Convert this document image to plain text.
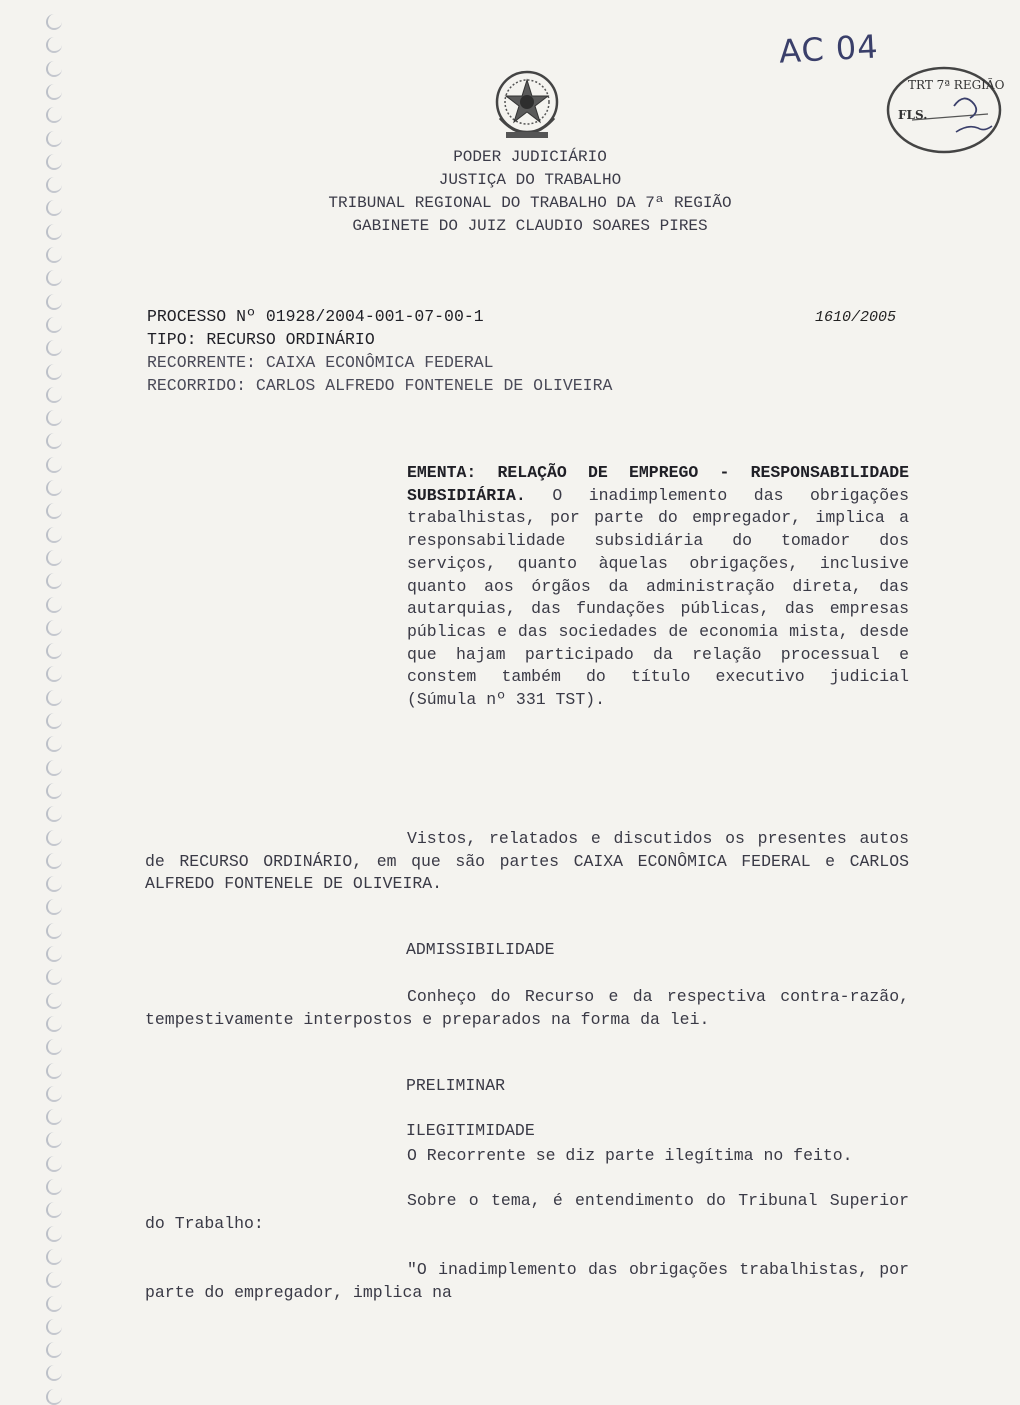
AC 04
TRT 7ª REGIÃO
FLS.
PODER JUDICIÁRIO
JUSTIÇA DO TRABALHO
TRIBUNAL REGIONAL DO TRABALHO DA 7ª REGIÃO
GABINETE DO JUIZ CLAUDIO SOARES PIRES
PROCESSO Nº 01928/2004-001-07-00-1
TIPO: RECURSO ORDINÁRIO
RECORRENTE: CAIXA ECONÔMICA FEDERAL
RECORRIDO: CARLOS ALFREDO FONTENELE DE OLIVEIRA
1610/2005
EMENTA: RELAÇÃO DE EMPREGO - RESPONSABILIDADE SUBSIDIÁRIA. O inadimplemento das obrigações trabalhistas, por parte do empregador, implica a responsabilidade subsidiária do tomador dos serviços, quanto àquelas obrigações, inclusive quanto aos órgãos da administração direta, das autarquias, das fundações públicas, das empresas públicas e das sociedades de economia mista, desde que hajam participado da relação processual e constem também do título executivo judicial (Súmula nº 331 TST).
Vistos, relatados e discutidos os presentes autos de RECURSO ORDINÁRIO, em que são partes CAIXA ECONÔMICA FEDERAL e CARLOS ALFREDO FONTENELE DE OLIVEIRA.
ADMISSIBILIDADE
Conheço do Recurso e da respectiva contra-razão, tempestivamente interpostos e preparados na forma da lei.
PRELIMINAR
ILEGITIMIDADE
O Recorrente se diz parte ilegítima no feito.
Sobre o tema, é entendimento do Tribunal Superior do Trabalho:
"O inadimplemento das obrigações trabalhistas, por parte do empregador, implica na
